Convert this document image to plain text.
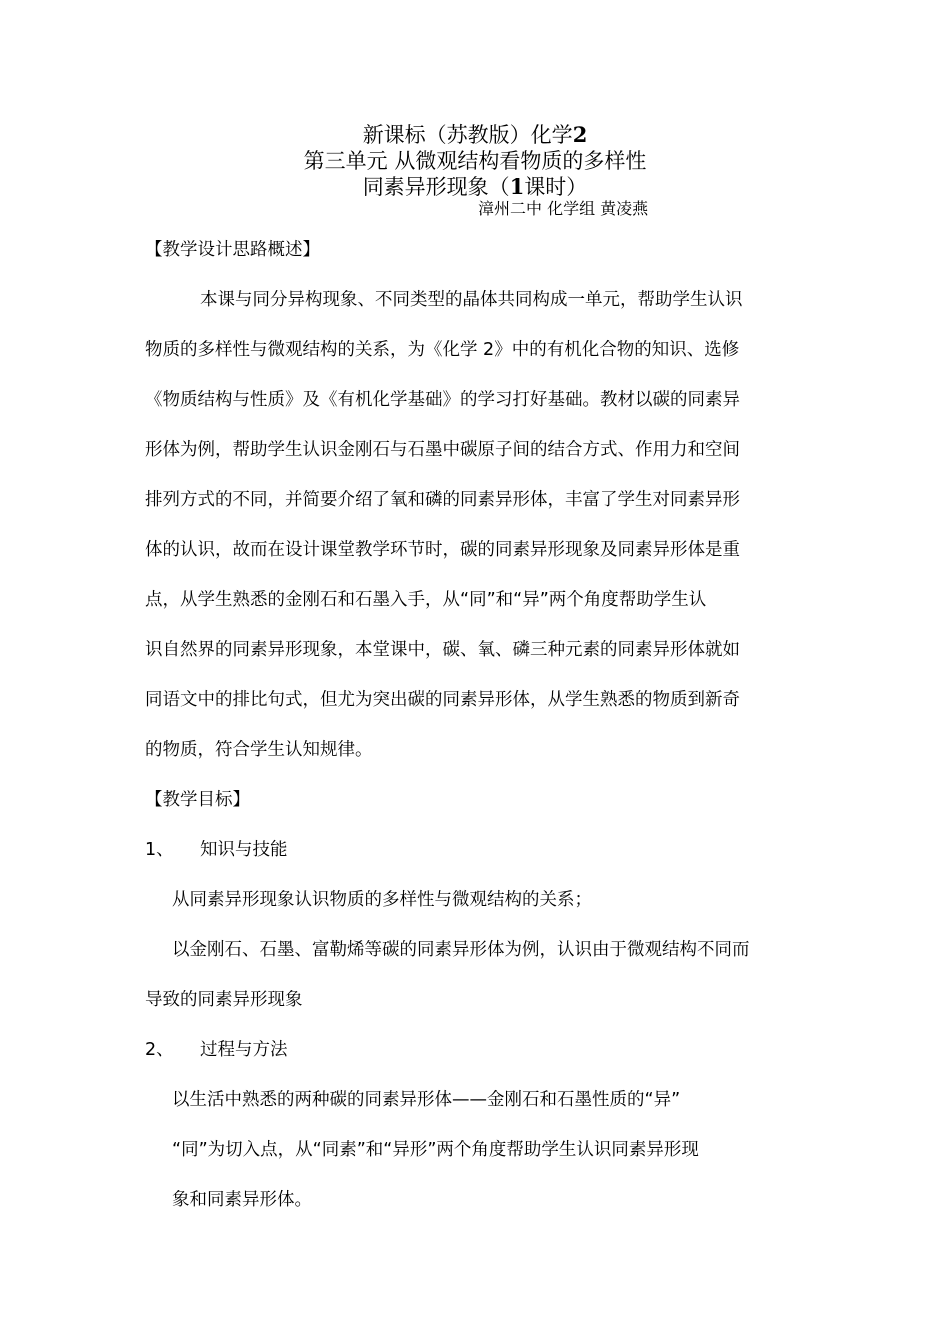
新课标（苏教版）化学2
第三单元 从微观结构看物质的多样性
同素异形现象（1课时）
漳州二中 化学组 黄凌燕
【教学设计思路概述】
本课与同分异构现象、不同类型的晶体共同构成一单元，帮助学生认识
物质的多样性与微观结构的关系，为《化学 2》中的有机化合物的知识、选修
《物质结构与性质》及《有机化学基础》的学习打好基础。教材以碳的同素异
形体为例，帮助学生认识金刚石与石墨中碳原子间的结合方式、作用力和空间
排列方式的不同，并简要介绍了氧和磷的同素异形体，丰富了学生对同素异形
体的认识，故而在设计课堂教学环节时，碳的同素异形现象及同素异形体是重
点，从学生熟悉的金刚石和石墨入手，从“同”和“异”两个角度帮助学生认
识自然界的同素异形现象，本堂课中，碳、氧、磷三种元素的同素异形体就如
同语文中的排比句式，但尤为突出碳的同素异形体，从学生熟悉的物质到新奇
的物质，符合学生认知规律。
【教学目标】
1、 知识与技能
从同素异形现象认识物质的多样性与微观结构的关系；
以金刚石、石墨、富勒烯等碳的同素异形体为例，认识由于微观结构不同而
导致的同素异形现象
2、 过程与方法
以生活中熟悉的两种碳的同素异形体——金刚石和石墨性质的“异”
“同”为切入点，从“同素”和“异形”两个角度帮助学生认识同素异形现
象和同素异形体。
